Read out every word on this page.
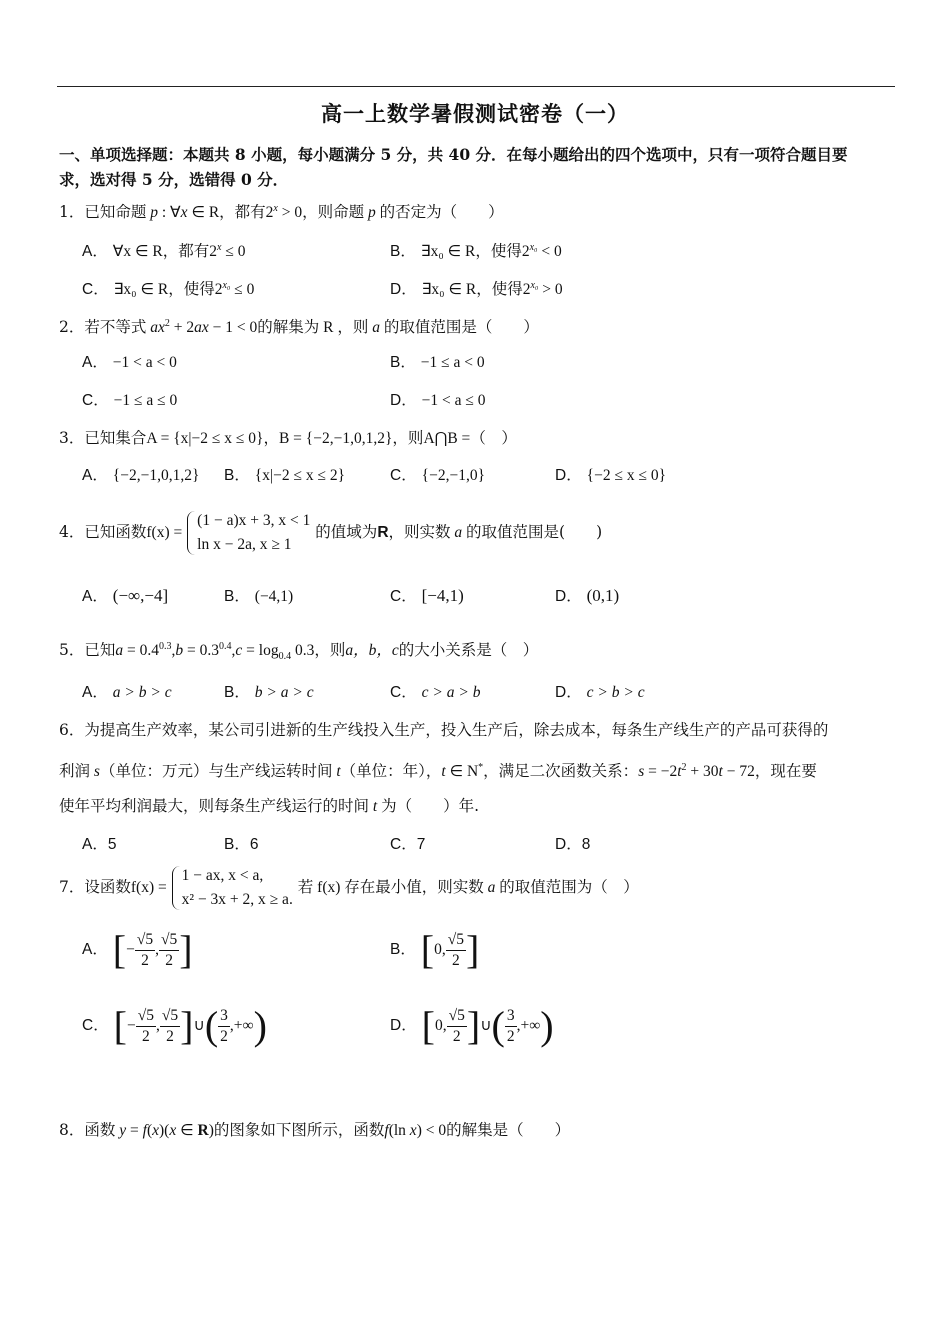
高一上数学暑假测试密卷（一）
一、单项选择题：本题共 8 小题，每小题满分 5 分，共 40 分．在每小题给出的四个选项中，只有一项符合题目要
求，选对得 5 分，选错得 0 分．
1．已知命题 p : ∀x ∈ R，都有$2^x > 0$，则命题 p 的否定为（　　）
A． ∀x ∈ R，都有$2^x \le 0$	B． ∃x₀ ∈ R，使得$2^{x_0} < 0$
C． ∃x₀ ∈ R，使得$2^{x_0} \le 0$	D． ∃x₀ ∈ R，使得$2^{x_0} > 0$
2．若不等式 $ax^2 + 2ax - 1 < 0$的解集为 R ，则 a 的取值范围是（　　）
A． −1 < a < 0	B． −1 ≤ a < 0
C． −1 ≤ a ≤ 0	D． −1 < a ≤ 0
3．已知集合A = {x|−2 ≤ x ≤ 0}，B = {−2,−1,0,1,2}，则A⋂B =（　）
A． {−2,−1,0,1,2} B． {x|−2 ≤ x ≤ 2}	C． {−2,−1,0}	D． {−2 ≤ x ≤ 0}
4．已知函数f(x) =
(1 − a)x + 3, x < 1
ln x − 2a, x ≥ 1
的值域为R，则实数 a 的取值范围是(　　)
A． (−∞,−4]	B． (−4,1)	C． [−4,1)	D． (0,1)
5．已知$a = 0.4^{0.3},b = 0.3^{0.4},c = \log_{0.4} 0.3$，则a，b，c的大小关系是（　）
A． a > b > c	B． b > a > c	C． c > a > b	D． c > b > c
6．为提高生产效率，某公司引进新的生产线投入生产，投入生产后，除去成本，每条生产线生产的产品可获得的
利润 s（单位：万元）与生产线运转时间 t（单位：年），t ∈ N*，满足二次函数关系：$s = -2t^2 + 30t - 72$，现在要
使年平均利润最大，则每条生产线运行的时间 t 为（　　）年.
A．5	B．6	C．7	D．8
7．设函数f(x) =
1 − ax, x < a,
x² − 3x + 2, x ≥ a.
若 f(x) 存在最小值，则实数 a 的取值范围为（　）
A． [− $\frac{√5}{2}$ , $\frac{√5}{2}$ ]	B． [0, $\frac{√5}{2}$ ]
C． [− $\frac{√5}{2}$ , $\frac{√5}{2}$ ]∪( $\frac{3}{2}$ ,+∞)	D． [0, $\frac{√5}{2}$ ]∪( $\frac{3}{2}$ ,+∞)
8．函数 y = f(x)(x ∈ R)的图象如下图所示，函数f(ln x) < 0的解集是（　　）
